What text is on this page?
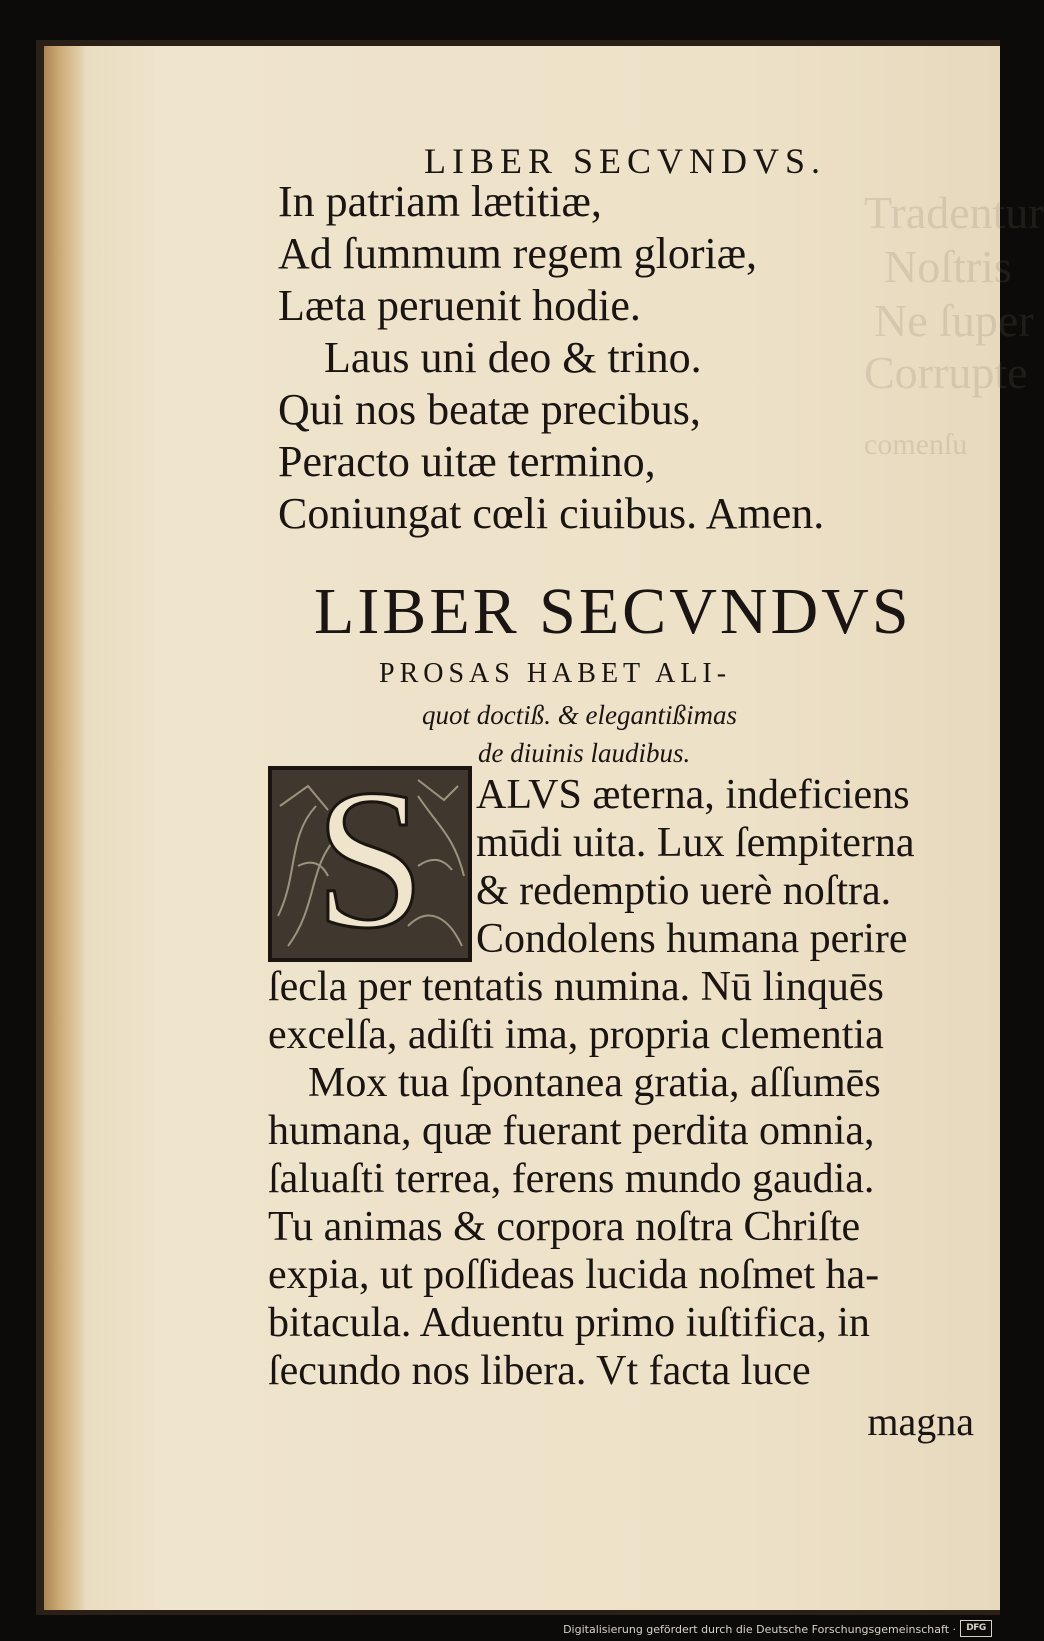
Tradentur
Noſtris
Ne ſuper
Corrupte
comenſu
LIBER SECVNDVS.
In patriam lætitiæ,
Ad ſummum regem gloriæ,
Læta peruenit hodie.
Laus uni deo & trino.
Qui nos beatæ precibus,
Peracto uitæ termino,
Coniungat cœli ciuibus. Amen.
LIBER SECVNDVS
PROSAS HABET ALI-
quot doctiß. & elegantißimas
de diuinis laudibus.
S ALVS æterna, indeficiens
mūdi uita. Lux ſempiterna
& redemptio uerè noſtra.
Condolens humana perire
ſecla per tentatis numina. Nū linquēs
excelſa, adiſti ima, propria clementia
Mox tua ſpontanea gratia, aſſumēs
humana, quæ fuerant perdita omnia,
ſaluaſti terrea, ferens mundo gaudia.
Tu animas & corpora noſtra Chriſte
expia, ut poſſideas lucida noſmet ha-
bitacula. Aduentu primo iuſtifica, in
ſecundo nos libera. Vt facta luce
magna
Digitalisierung gefördert durch die Deutsche Forschungsgemeinschaft ·	DFG
